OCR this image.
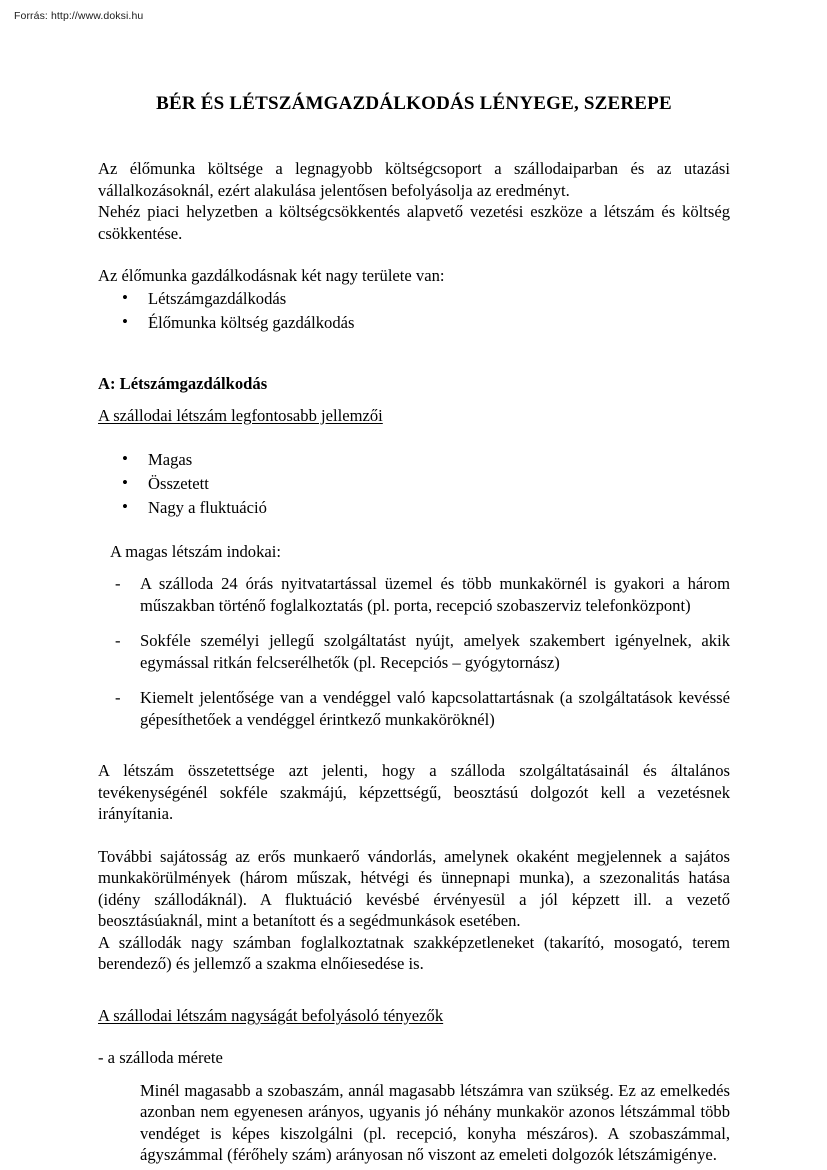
Forrás: http://www.doksi.hu
BÉR ÉS LÉTSZÁMGAZDÁLKODÁS LÉNYEGE, SZEREPE

Az élőmunka költsége a legnagyobb költségcsoport a szállodaiparban és az utazási vállalkozásoknál, ezért alakulása jelentősen befolyásolja az eredményt.

Nehéz piaci helyzetben a költségcsökkentés alapvető vezetési eszköze a létszám és költség csökkentése.

Az élőmunka gazdálkodásnak két nagy területe van:

• Létszámgazdálkodás
• Élőmunka költség gazdálkodás

A: Létszámgazdálkodás

A szállodai létszám legfontosabb jellemzői
• Magas
• Összetett
• Nagy a fluktuáció

A magas létszám indokai:

- A szálloda 24 órás nyitvatartással üzemel és több munkakörnél is gyakori a három műszakban történő foglalkoztatás (pl. porta, recepció szobaszerviz telefonközpont)
- Sokféle személyi jellegű szolgáltatást nyújt, amelyek szakembert igényelnek, akik egymással ritkán felcserélhetők (pl. Recepciós – gyógytornász)
- Kiemelt jelentősége van a vendéggel való kapcsolattartásnak (a szolgáltatások kevéssé gépesíthetőek a vendéggel érintkező munkaköröknél)

A létszám összetettsége azt jelenti, hogy a szálloda szolgáltatásainál és általános tevékenységénél sokféle szakmájú, képzettségű, beosztású dolgozót kell a vezetésnek irányítania.

További sajátosság az erős munkaerő vándorlás, amelynek okaként megjelennek a sajátos munkakörülmények (három műszak, hétvégi és ünnepnapi munka), a szezonalitás hatása (idény szállodáknál). A fluktuáció kevésbé érvényesül a jól képzett ill. a vezető beosztásúaknál, mint a betanított és a segédmunkások esetében.

A szállodák nagy számban foglalkoztatnak szakképzetleneket (takarító, mosogató, terem berendező) és jellemző a szakma elnőiesedése is.

A szállodai létszám nagyságát befolyásoló tényezők

- a szálloda mérete

Minél magasabb a szobaszám, annál magasabb létszámra van szükség. Ez az emelkedés azonban nem egyenesen arányos, ugyanis jó néhány munkakör azonos létszámmal több vendéget is képes kiszolgálni (pl. recepció, konyha mészáros). A szobaszámmal, ágyszámmal (férőhely szám) arányosan nő viszont az emeleti dolgozók létszámigénye.
